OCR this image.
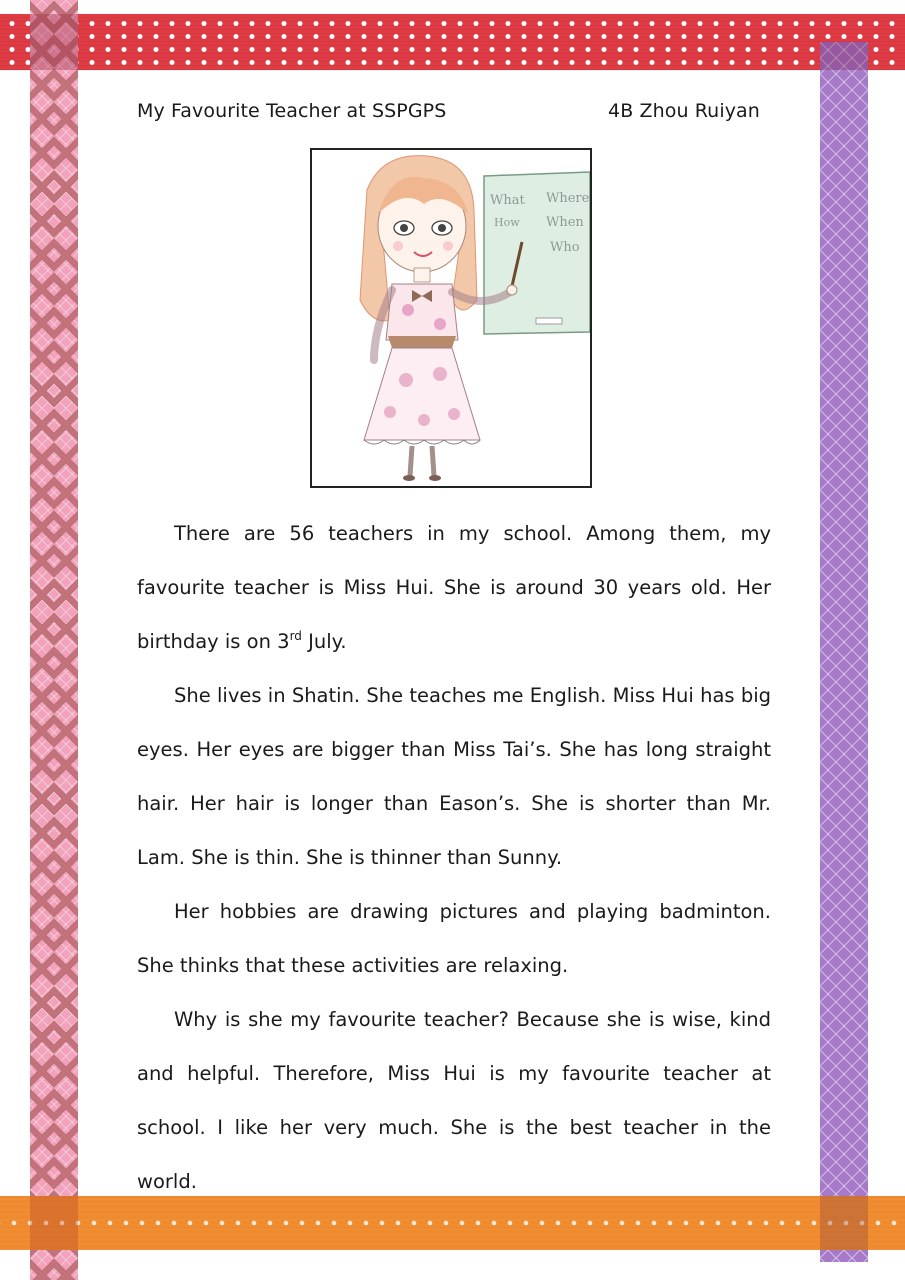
My Favourite Teacher at SSPGPS	4B Zhou Ruiyan
What Where
How When
Who

There are 56 teachers in my school. Among them, my favourite teacher is Miss Hui. She is around 30 years old. Her birthday is on 3rd July.

She lives in Shatin. She teaches me English. Miss Hui has big eyes. Her eyes are bigger than Miss Tai’s. She has long straight hair. Her hair is longer than Eason’s. She is shorter than Mr. Lam. She is thin. She is thinner than Sunny.

Her hobbies are drawing pictures and playing badminton. She thinks that these activities are relaxing.

Why is she my favourite teacher? Because she is wise, kind and helpful. Therefore, Miss Hui is my favourite teacher at school. I like her very much. She is the best teacher in the world.
